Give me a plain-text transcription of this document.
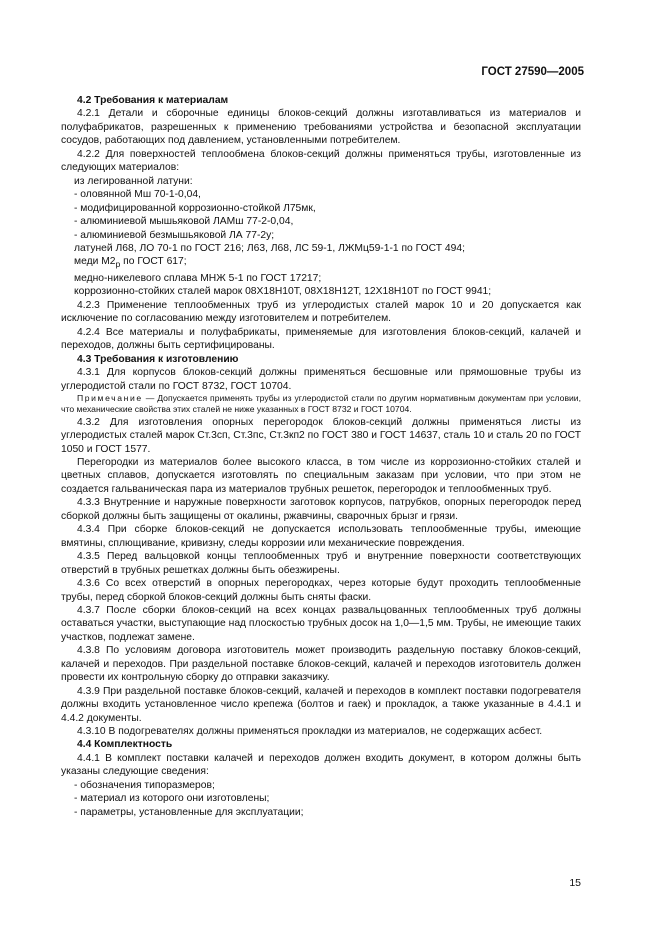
ГОСТ 27590—2005

4.2 Требования к материалам

4.2.1 Детали и сборочные единицы блоков-секций должны изготавливаться из материалов и полуфабрикатов, разрешенных к применению требованиями устройства и безопасной эксплуатации сосудов, работающих под давлением, установленными потребителем.

4.2.2 Для поверхностей теплообмена блоков-секций должны применяться трубы, изготовленные из следующих материалов:

из легированной латуни:

- оловянной Мш 70-1-0,04,

- модифицированной коррозионно-стойкой Л75мк,

- алюминиевой мышьяковой ЛАМш 77-2-0,04,

- алюминиевой безмышьяковой ЛА 77-2у;

латуней Л68, ЛО 70-1 по ГОСТ 216; Л63, Л68, ЛС 59-1, ЛЖМц59-1-1 по ГОСТ 494;

меди $М2_р$ по ГОСТ 617;

медно-никелевого сплава МНЖ 5-1 по ГОСТ 17217;

коррозионно-стойких сталей марок 08Х18Н10Т, 08Х18Н12Т, 12Х18Н10Т по ГОСТ 9941;

4.2.3 Применение теплообменных труб из углеродистых сталей марок 10 и 20 допускается как исключение по согласованию между изготовителем и потребителем.

4.2.4 Все материалы и полуфабрикаты, применяемые для изготовления блоков-секций, калачей и переходов, должны быть сертифицированы.

4.3 Требования к изготовлению

4.3.1 Для корпусов блоков-секций должны применяться бесшовные или прямошовные трубы из углеродистой стали по ГОСТ 8732, ГОСТ 10704.

Примечание — Допускается применять трубы из углеродистой стали по другим нормативным документам при условии, что механические свойства этих сталей не ниже указанных в ГОСТ 8732 и ГОСТ 10704.

4.3.2 Для изготовления опорных перегородок блоков-секций должны применяться листы из углеродистых сталей марок Ст.3сп, Ст.3пс, Ст.3кп2 по ГОСТ 380 и ГОСТ 14637, сталь 10 и сталь 20 по ГОСТ 1050 и ГОСТ 1577.

Перегородки из материалов более высокого класса, в том числе из коррозионно-стойких сталей и цветных сплавов, допускается изготовлять по специальным заказам при условии, что при этом не создается гальваническая пара из материалов трубных решеток, перегородок и теплообменных труб.

4.3.3 Внутренние и наружные поверхности заготовок корпусов, патрубков, опорных перегородок перед сборкой должны быть защищены от окалины, ржавчины, сварочных брызг и грязи.

4.3.4 При сборке блоков-секций не допускается использовать теплообменные трубы, имеющие вмятины, сплющивание, кривизну, следы коррозии или механические повреждения.

4.3.5 Перед вальцовкой концы теплообменных труб и внутренние поверхности соответствующих отверстий в трубных решетках должны быть обезжирены.

4.3.6 Со всех отверстий в опорных перегородках, через которые будут проходить теплообменные трубы, перед сборкой блоков-секций должны быть сняты фаски.

4.3.7 После сборки блоков-секций на всех концах развальцованных теплообменных труб должны оставаться участки, выступающие над плоскостью трубных досок на 1,0—1,5 мм. Трубы, не имеющие таких участков, подлежат замене.

4.3.8 По условиям договора изготовитель может производить раздельную поставку блоков-секций, калачей и переходов. При раздельной поставке блоков-секций, калачей и переходов изготовитель должен провести их контрольную сборку до отправки заказчику.

4.3.9 При раздельной поставке блоков-секций, калачей и переходов в комплект поставки подогревателя должны входить установленное число крепежа (болтов и гаек) и прокладок, а также указанные в 4.4.1 и 4.4.2 документы.

4.3.10 В подогревателях должны применяться прокладки из материалов, не содержащих асбест.

4.4 Комплектность

4.4.1 В комплект поставки калачей и переходов должен входить документ, в котором должны быть указаны следующие сведения:

- обозначения типоразмеров;

- материал из которого они изготовлены;

- параметры, установленные для эксплуатации;

15
